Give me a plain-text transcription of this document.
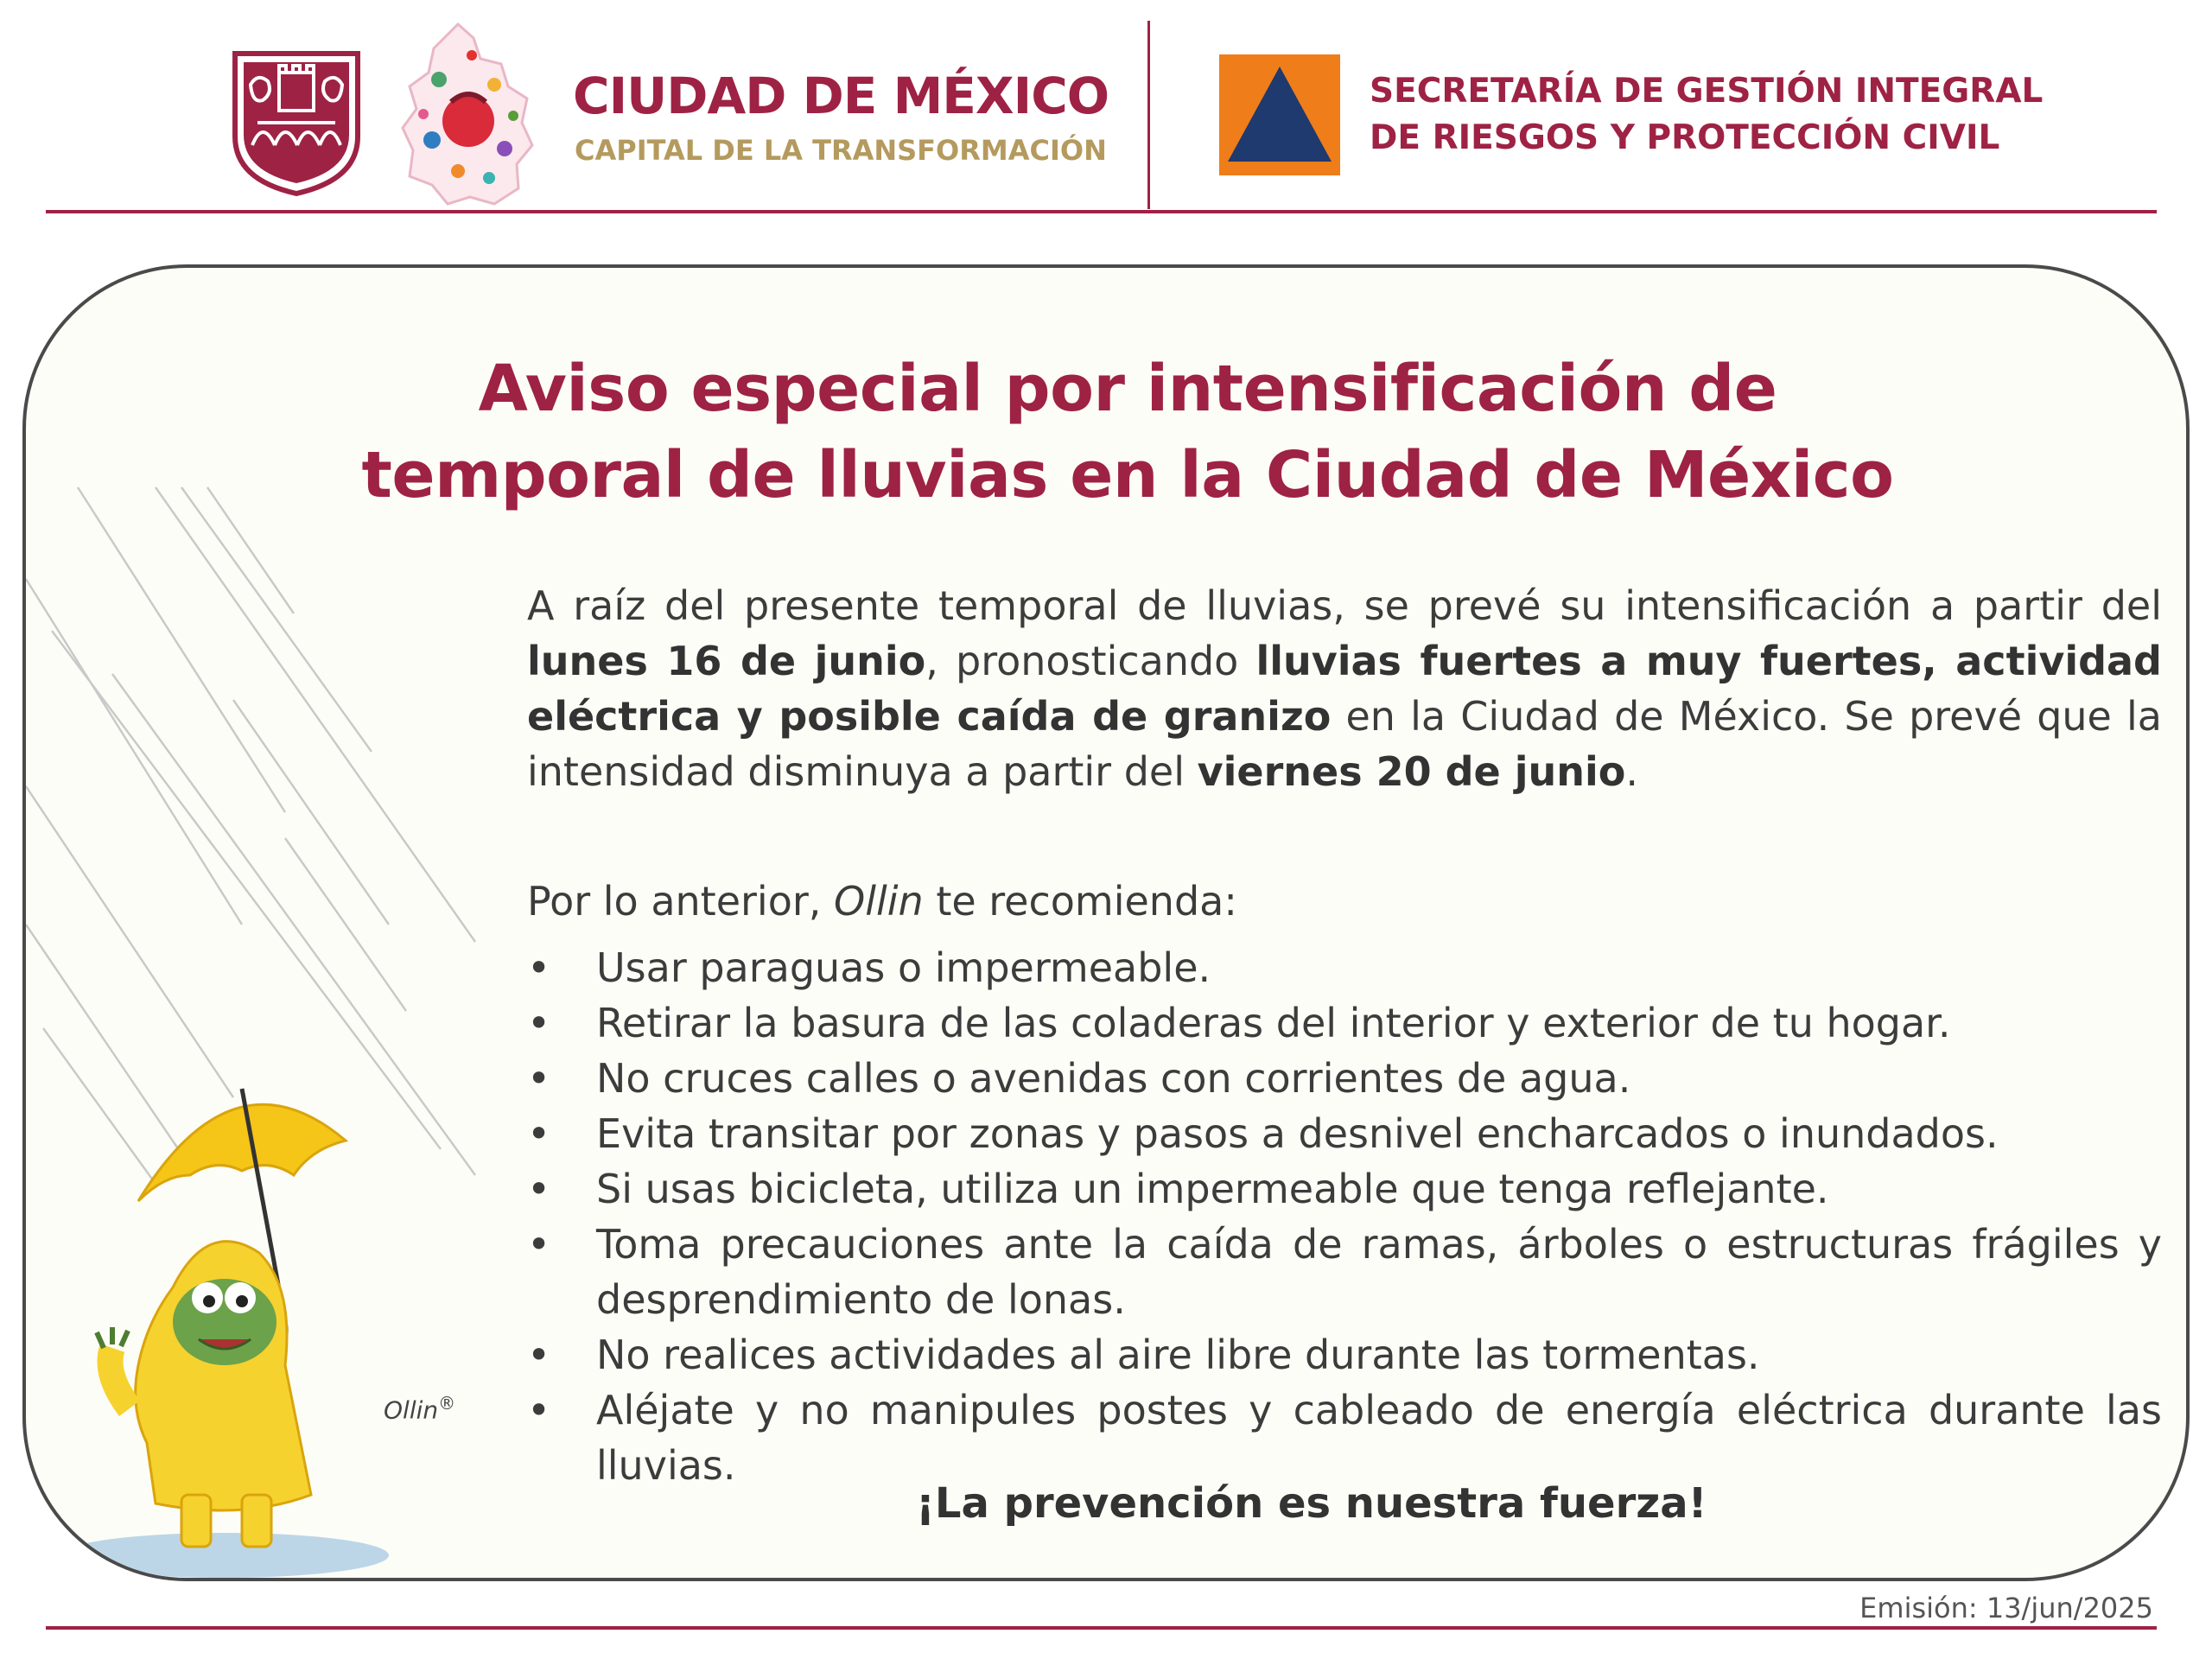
CIUDAD DE MÉXICO
CAPITAL DE LA TRANSFORMACIÓN
SECRETARÍA DE GESTIÓN INTEGRAL
DE RIESGOS Y PROTECCIÓN CIVIL
Ollin®
Aviso especial por intensificación de
temporal de lluvias en la Ciudad de México

A raíz del presente temporal de lluvias, se prevé su intensificación a partir del lunes 16 de junio, pronosticando lluvias fuertes a muy fuertes, actividad eléctrica y posible caída de granizo en la Ciudad de México. Se prevé que la intensidad disminuya a partir del viernes 20 de junio.

Por lo anterior, Ollin te recomienda:

• Usar paraguas o impermeable.
• Retirar la basura de las coladeras del interior y exterior de tu hogar.
• No cruces calles o avenidas con corrientes de agua.
• Evita transitar por zonas y pasos a desnivel encharcados o inundados.
• Si usas bicicleta, utiliza un impermeable que tenga reflejante.
• Toma precauciones ante la caída de ramas, árboles o estructuras frágiles y desprendimiento de lonas.
• No realices actividades al aire libre durante las tormentas.
• Aléjate y no manipules postes y cableado de energía eléctrica durante las lluvias.
¡La prevención es nuestra fuerza!
Emisión: 13/jun/2025
